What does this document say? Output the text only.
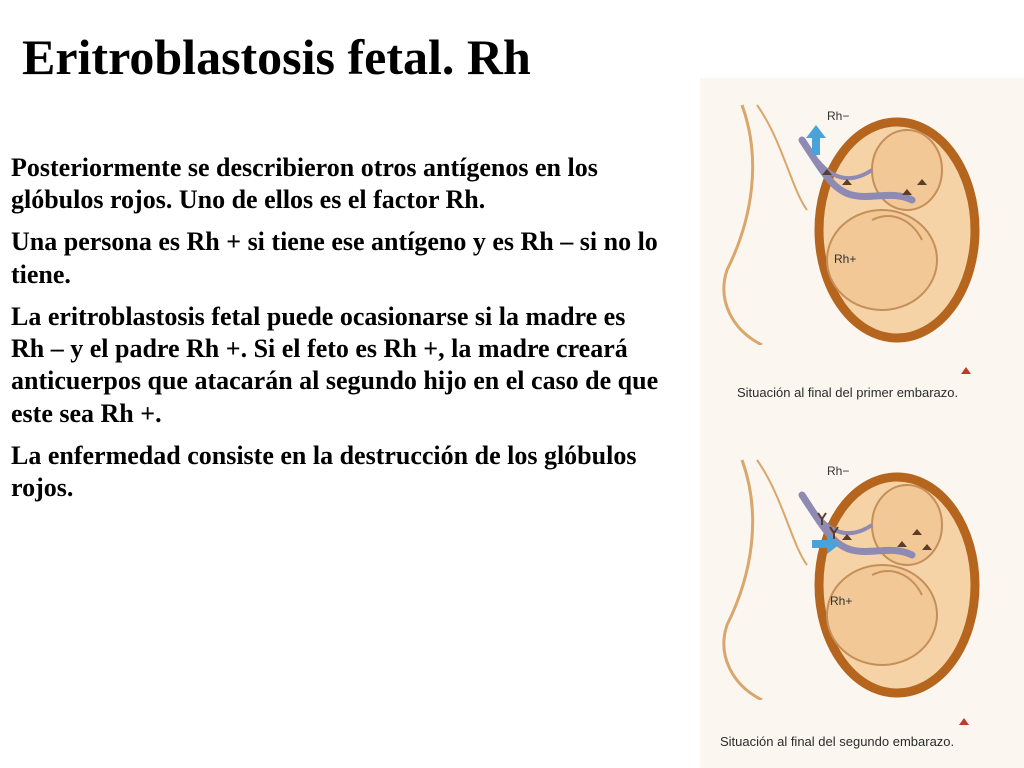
Eritroblastosis fetal. Rh

Posteriormente se describieron otros antígenos en los glóbulos rojos. Uno de ellos es el factor Rh.

Una persona es Rh + si tiene ese antígeno y es Rh – si no lo tiene.

La eritroblastosis fetal puede ocasionarse si la madre es Rh – y el padre Rh +. Si el feto es Rh +, la madre creará anticuerpos que atacarán al segundo hijo en el caso de que este sea Rh +.

La enfermedad consiste en la destrucción de los glóbulos rojos.

Rh−
Rh+
Situación al final del primer embarazo.
Rh−
Rh+
Situación al final del segundo embarazo.
